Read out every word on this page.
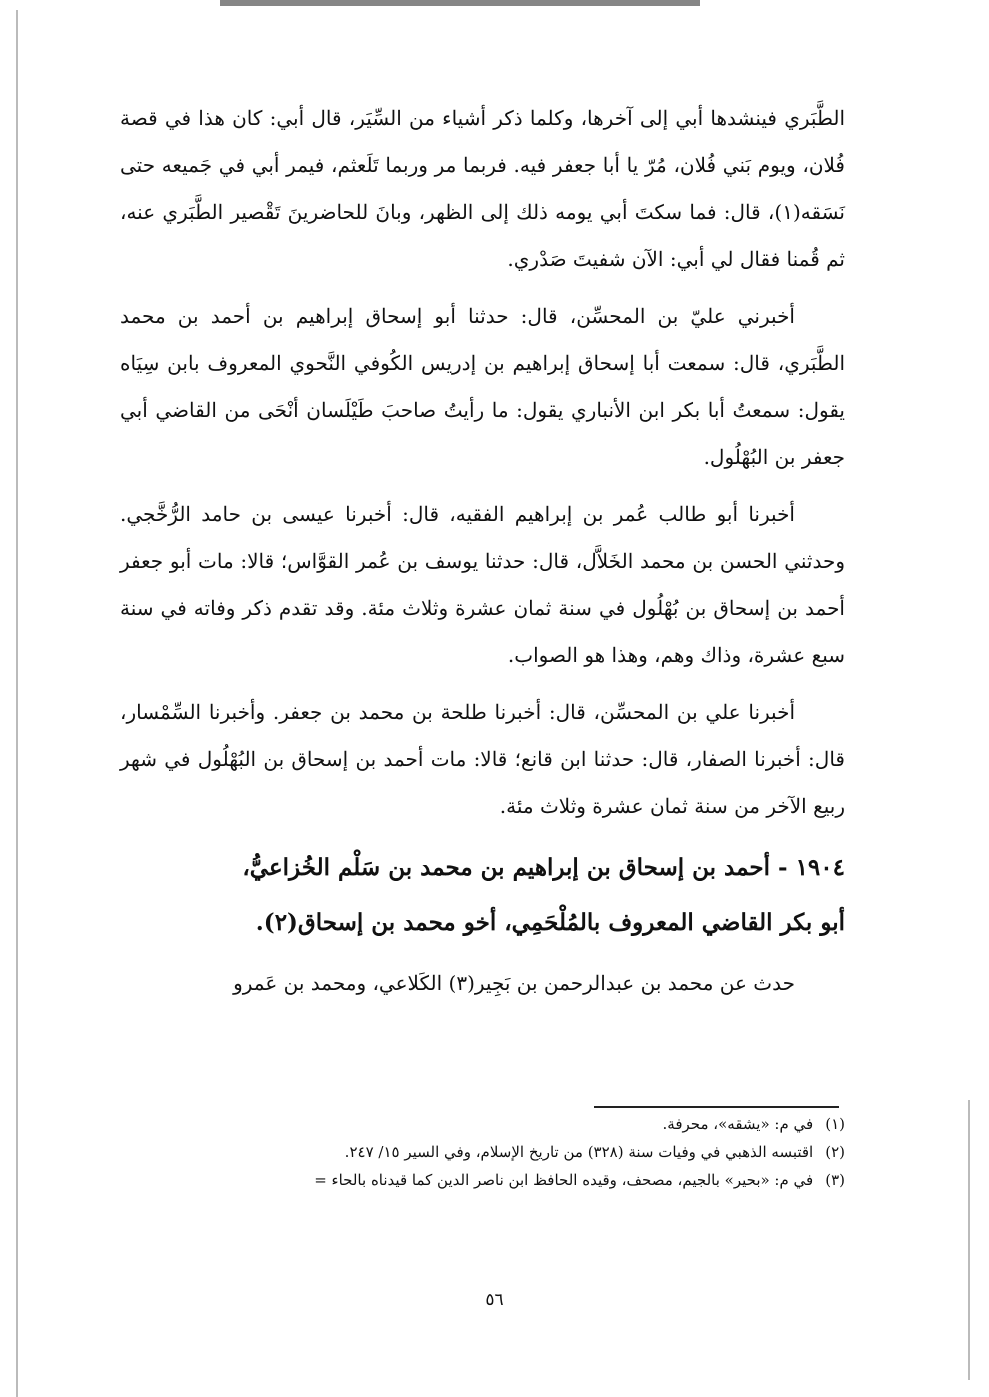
الطَّبَري فينشدها أبي إلى آخرها، وكلما ذكر أشياء من السِّيَر، قال أبي: كان هذا في قصة فُلان، ويوم بَني فُلان، مُرّ يا أبا جعفر فيه. فربما مر وربما تَلَعثم، فيمر أبي في جَميعه حتى نَسَقه(١)، قال: فما سكتَ أبي يومه ذلك إلى الظهر، وبانَ للحاضرينَ تَقْصير الطَّبَري عنه، ثم قُمنا فقال لي أبي: الآن شفيتَ صَدْري.

أخبرني عليّ بن المحسِّن، قال: حدثنا أبو إسحاق إبراهيم بن أحمد بن محمد الطَّبَري، قال: سمعت أبا إسحاق إبراهيم بن إدريس الكُوفي النَّحوي المعروف بابن سِيَاه يقول: سمعتُ أبا بكر ابن الأنباري يقول: ما رأيتُ صاحبَ طَيْلَسان أنْحَى من القاضي أبي جعفر بن البُهْلُول.

أخبرنا أبو طالب عُمر بن إبراهيم الفقيه، قال: أخبرنا عيسى بن حامد الرُّخَّجي. وحدثني الحسن بن محمد الخَلاَّل، قال: حدثنا يوسف بن عُمر القوَّاس؛ قالا: مات أبو جعفر أحمد بن إسحاق بن بُهْلُول في سنة ثمان عشرة وثلاث مئة. وقد تقدم ذكر وفاته في سنة سبع عشرة، وذاك وهم، وهذا هو الصواب.

أخبرنا علي بن المحسِّن، قال: أخبرنا طلحة بن محمد بن جعفر. وأخبرنا السِّمْسار، قال: أخبرنا الصفار، قال: حدثنا ابن قانع؛ قالا: مات أحمد بن إسحاق بن البُهْلُول في شهر ربيع الآخر من سنة ثمان عشرة وثلاث مئة.

١٩٠٤ - أحمد بن إسحاق بن إبراهيم بن محمد بن سَلْم الخُزاعيُّ،
أبو بكر القاضي المعروف بالمُلْحَمِي، أخو محمد بن إسحاق(٢).

حدث عن محمد بن عبدالرحمن بن بَجِير(٣) الكَلاعي، ومحمد بن عَمرو

(١)في م: «يشقه»، محرفة.

(٢)اقتبسه الذهبي في وفيات سنة (٣٢٨) من تاريخ الإسلام، وفي السير ١٥/ ٢٤٧.

(٣)في م: «بحير» بالجيم، مصحف، وقيده الحافظ ابن ناصر الدين كما قيدناه بالحاء =

٥٦
